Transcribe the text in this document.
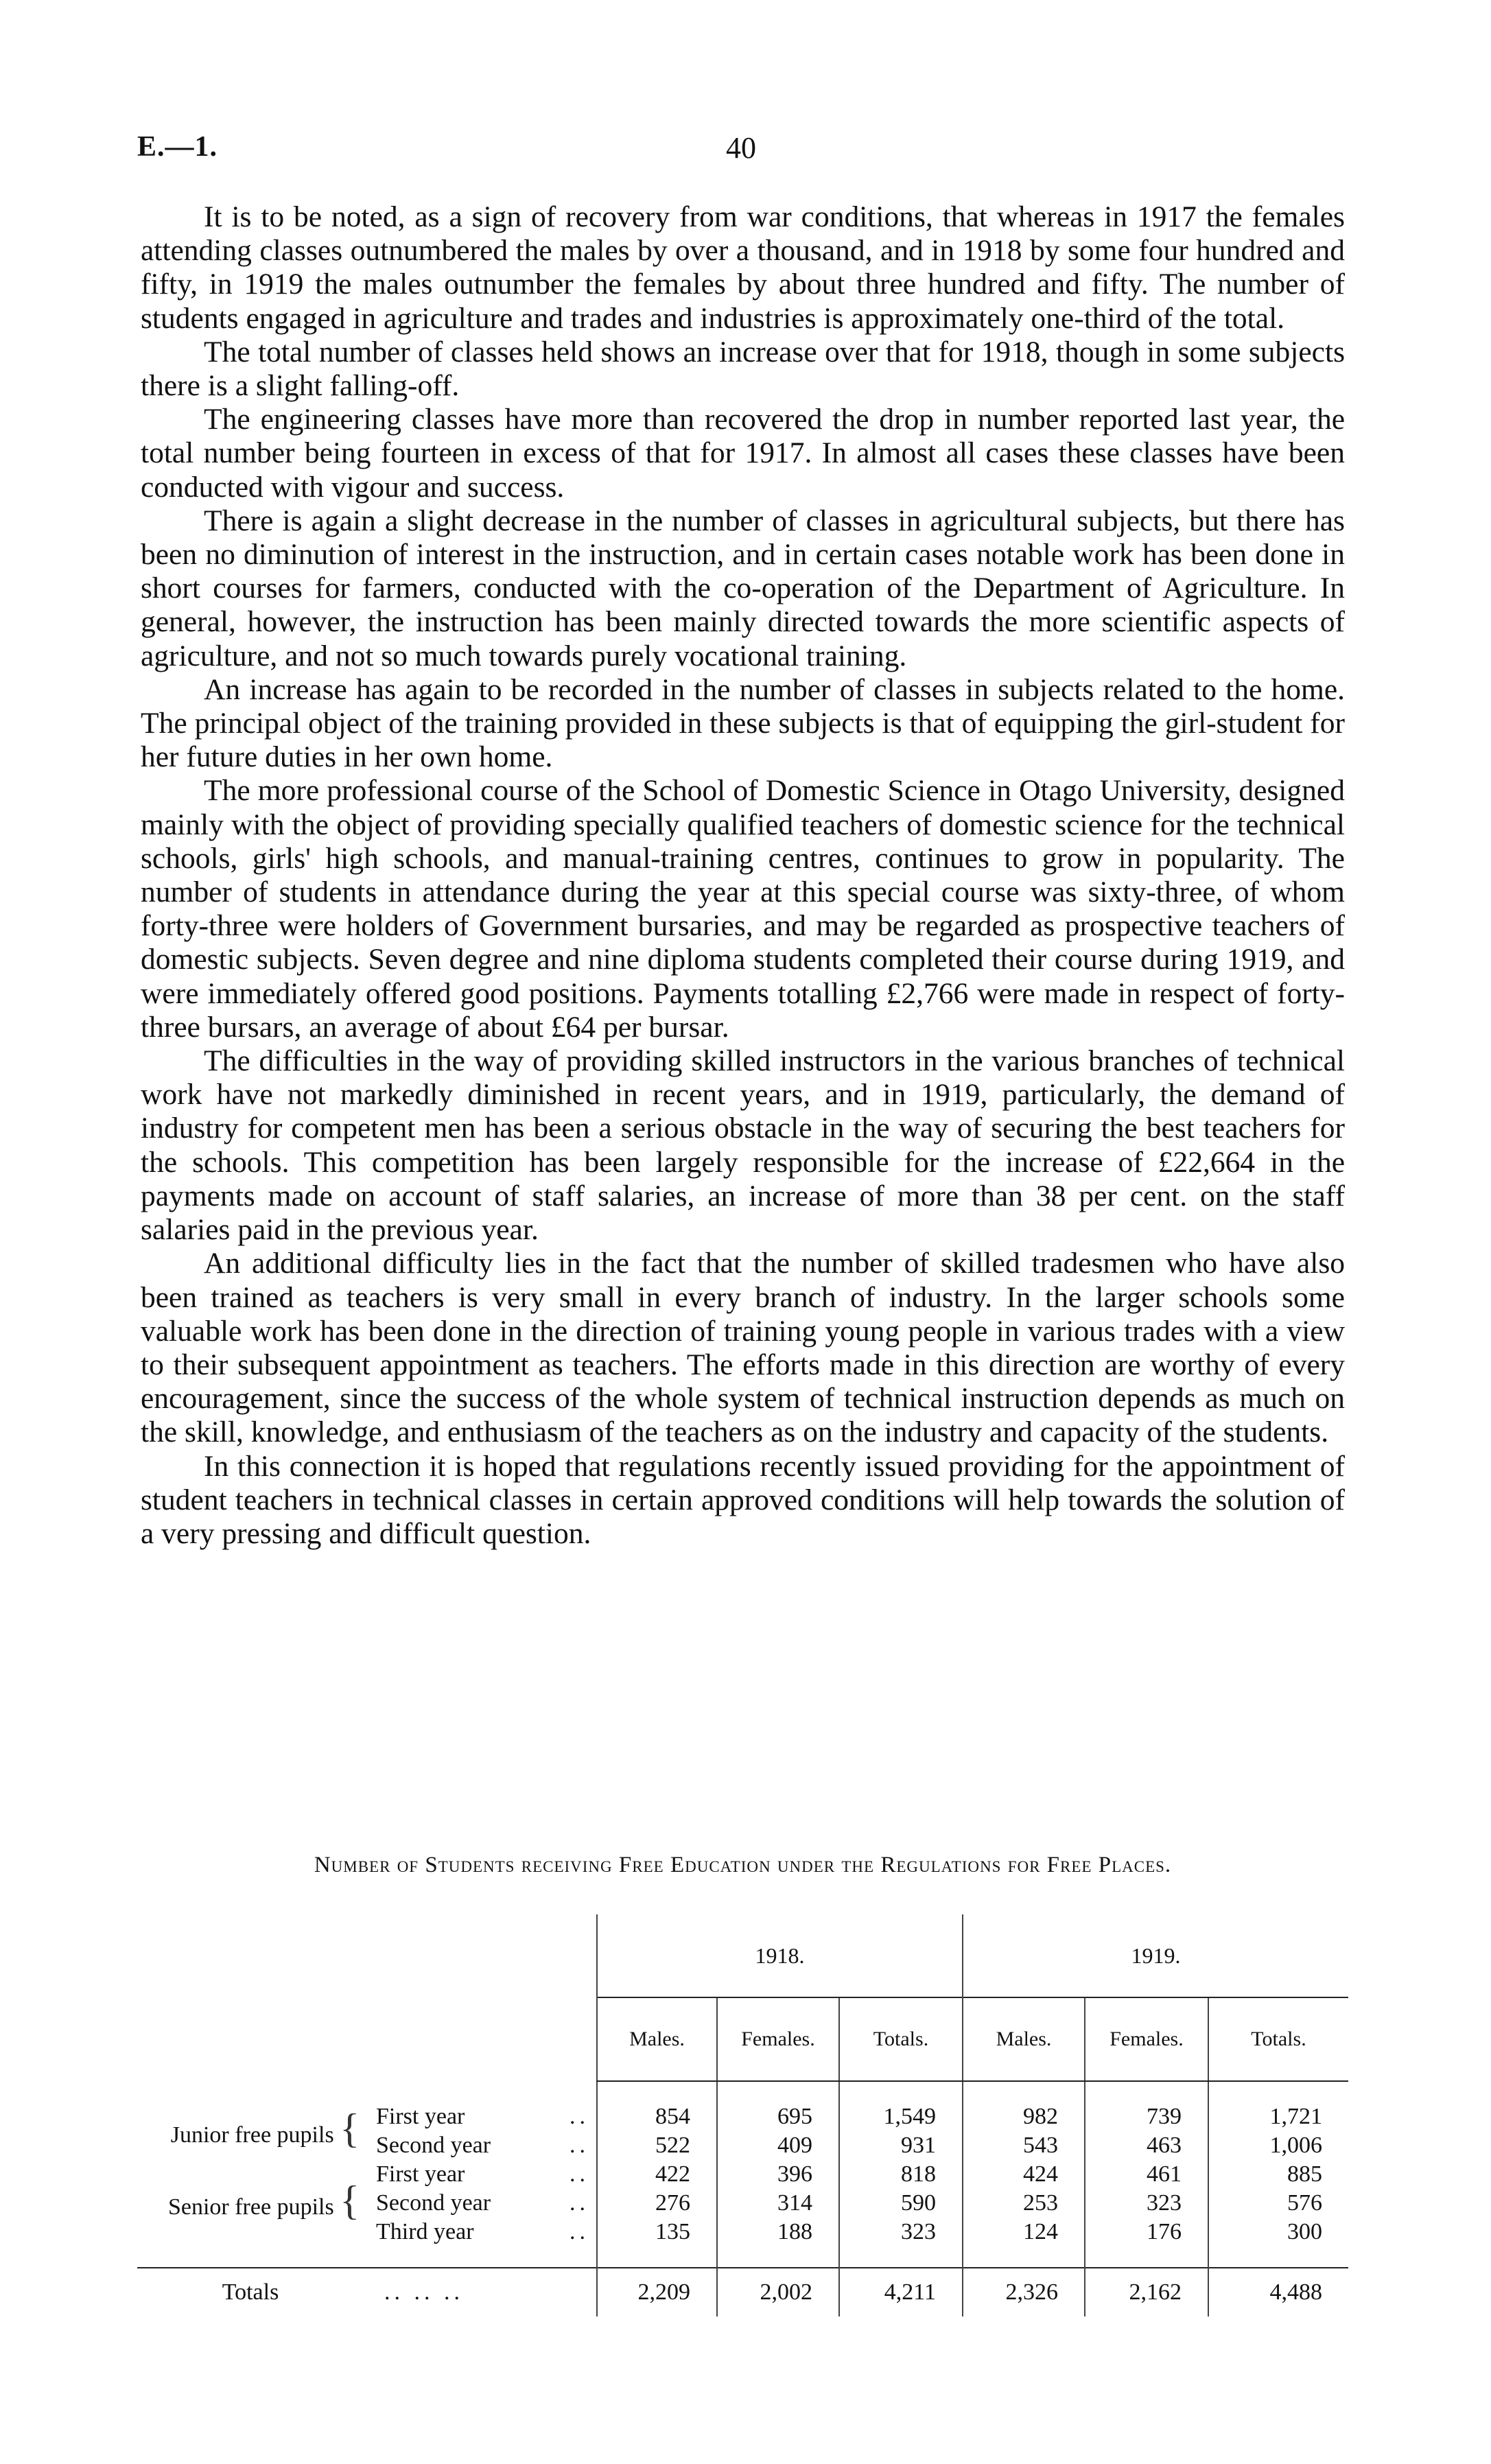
E.—1.	40

It is to be noted, as a sign of recovery from war conditions, that whereas in 1917 the females attending classes outnumbered the males by over a thousand, and in 1918 by some four hundred and fifty, in 1919 the males outnumber the females by about three hundred and fifty. The number of students engaged in agriculture and trades and industries is approximately one-third of the total.

The total number of classes held shows an increase over that for 1918, though in some subjects there is a slight falling-off.

The engineering classes have more than recovered the drop in number reported last year, the total number being fourteen in excess of that for 1917. In almost all cases these classes have been conducted with vigour and success.

There is again a slight decrease in the number of classes in agricultural subjects, but there has been no diminution of interest in the instruction, and in certain cases notable work has been done in short courses for farmers, conducted with the co-operation of the Department of Agriculture. In general, however, the instruction has been mainly directed towards the more scientific aspects of agriculture, and not so much towards purely vocational training.

An increase has again to be recorded in the number of classes in subjects related to the home. The principal object of the training provided in these subjects is that of equipping the girl-student for her future duties in her own home.

The more professional course of the School of Domestic Science in Otago University, designed mainly with the object of providing specially qualified teachers of domestic science for the technical schools, girls' high schools, and manual-training centres, continues to grow in popularity. The number of students in attendance during the year at this special course was sixty-three, of whom forty-three were holders of Government bursaries, and may be regarded as prospective teachers of domestic subjects. Seven degree and nine diploma students completed their course during 1919, and were immediately offered good positions. Payments totalling £2,766 were made in respect of forty-three bursars, an average of about £64 per bursar.

The difficulties in the way of providing skilled instructors in the various branches of technical work have not markedly diminished in recent years, and in 1919, particularly, the demand of industry for competent men has been a serious obstacle in the way of securing the best teachers for the schools. This competition has been largely responsible for the increase of £22,664 in the payments made on account of staff salaries, an increase of more than 38 per cent. on the staff salaries paid in the previous year.

An additional difficulty lies in the fact that the number of skilled tradesmen who have also been trained as teachers is very small in every branch of industry. In the larger schools some valuable work has been done in the direction of training young people in various trades with a view to their subsequent appointment as teachers. The efforts made in this direction are worthy of every encouragement, since the success of the whole system of technical instruction depends as much on the skill, knowledge, and enthusiasm of the teachers as on the industry and capacity of the students.

In this connection it is hoped that regulations recently issued providing for the appointment of student teachers in technical classes in certain approved conditions will help towards the solution of a very pressing and difficult question.

Number of Students receiving Free Education under the Regulations for Free Places.
			1918.			1919.		
			Males.	Females.	Totals.	Males.	Females.	Totals.

Junior free pupils {	First year	..	854	695	1,549	982	739	1,721
	Second year	..	522	409	931	543	463	1,006
Senior free pupils {	First year	..	422	396	818	424	461	885
	Second year	..	276	314	590	253	323	576
	Third year	..	135	188	323	124	176	300

Totals	.. .. ..		2,209	2,002	4,211	2,326	2,162	4,488
